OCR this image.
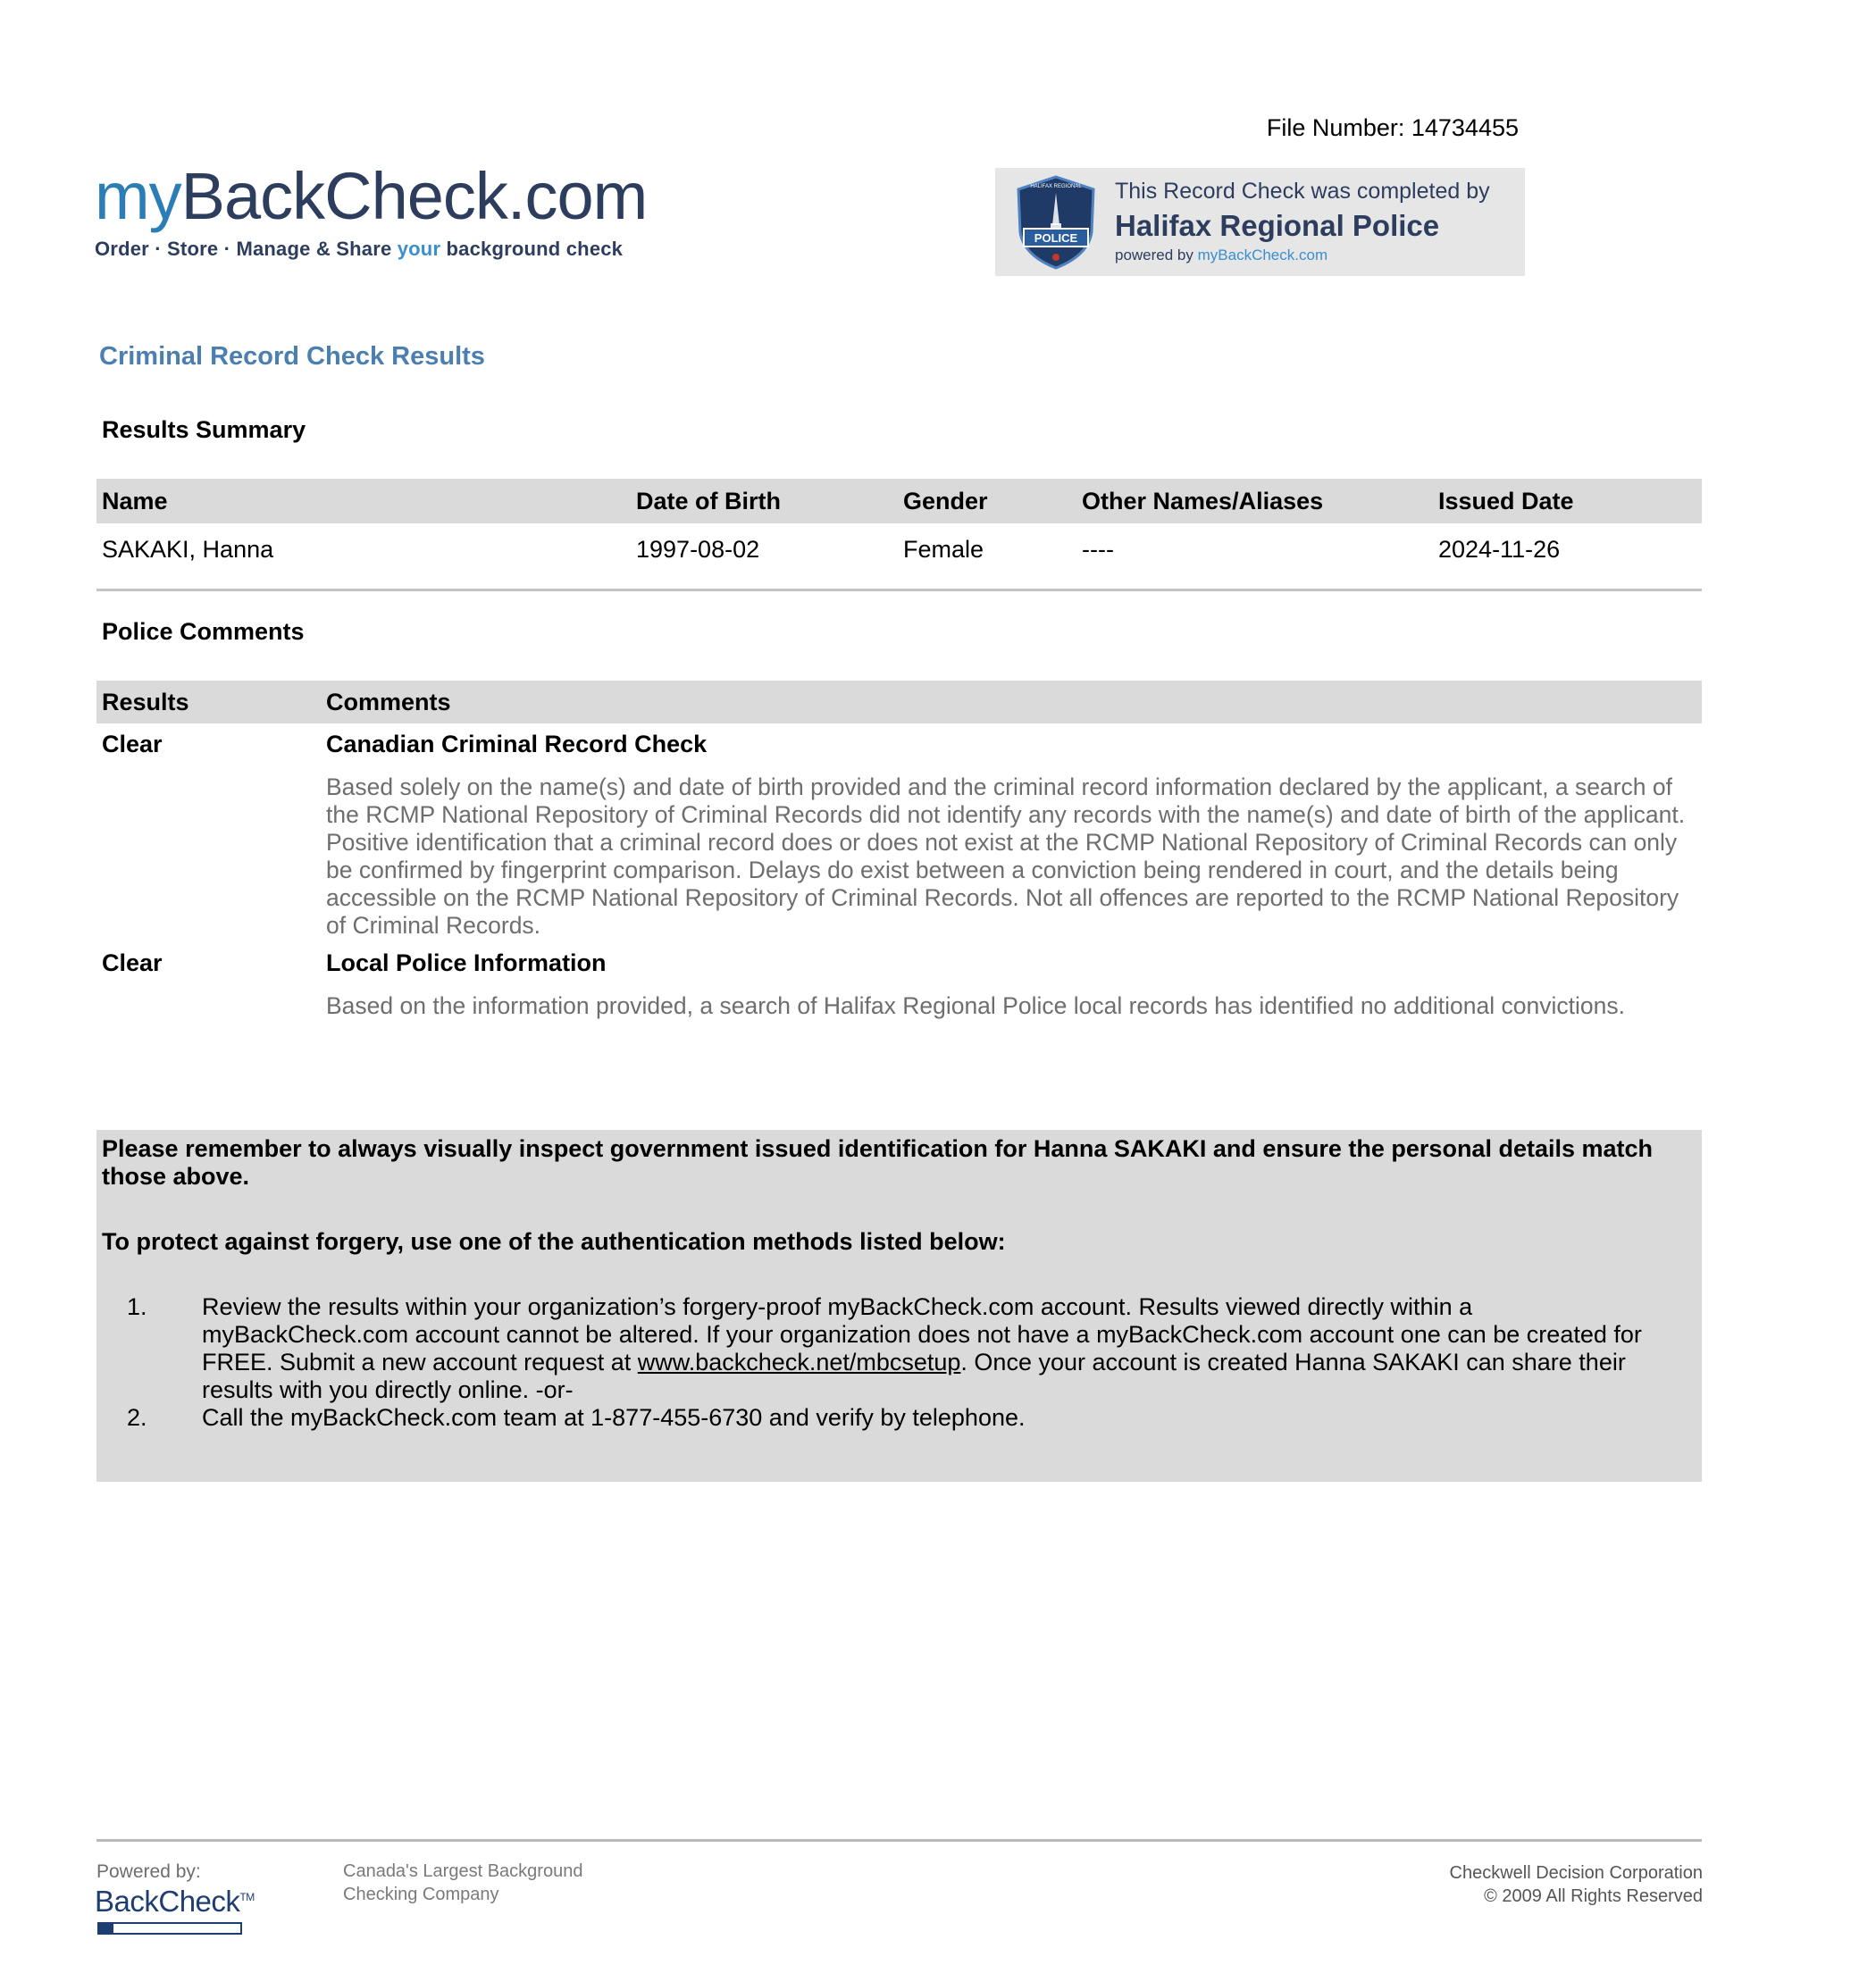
File Number: 14734455
myBackCheck.com
Order · Store · Manage & Share your background check	POLICE
HALIFAX REGIONAL This Record Check was completed by
Halifax Regional Police
powered by myBackCheck.com
Criminal Record Check Results
Results Summary
Name	Date of Birth	Gender	Other Names/Aliases	Issued Date
SAKAKI, Hanna	1997-08-02	Female	----	2024-11-26
Police Comments
Results	Comments
Clear	Canadian Criminal Record Check
Based solely on the name(s) and date of birth provided and the criminal record information declared by the applicant, a search of the RCMP National Repository of Criminal Records did not identify any records with the name(s) and date of birth of the applicant. Positive identification that a criminal record does or does not exist at the RCMP National Repository of Criminal Records can only be confirmed by fingerprint comparison. Delays do exist between a conviction being rendered in court, and the details being accessible on the RCMP National Repository of Criminal Records. Not all offences are reported to the RCMP National Repository of Criminal Records.
Clear	Local Police Information
Based on the information provided, a search of Halifax Regional Police local records has identified no additional convictions.
Please remember to always visually inspect government issued identification for Hanna SAKAKI and ensure the personal details match those above.
To protect against forgery, use one of the authentication methods listed below:
1.	Review the results within your organization’s forgery-proof myBackCheck.com account. Results viewed directly within a myBackCheck.com account cannot be altered. If your organization does not have a myBackCheck.com account one can be created for FREE. Submit a new account request at www.backcheck.net/mbcsetup. Once your account is created Hanna SAKAKI can share their results with you directly online. -or-
2.	Call the myBackCheck.com team at 1-877-455-6730 and verify by telephone.
Powered by:
BackCheck™
Canada's Largest Background
Checking Company
Checkwell Decision Corporation
© 2009 All Rights Reserved
